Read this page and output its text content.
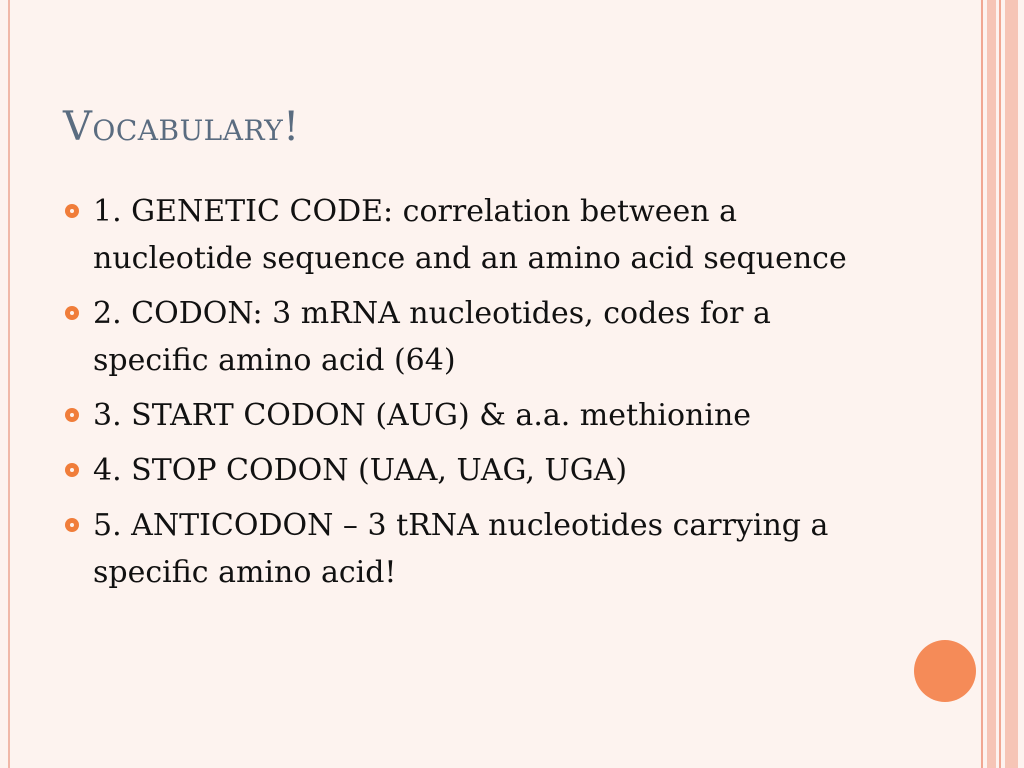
Vocabulary!
1. GENETIC CODE: correlation between a nucleotide sequence and an amino acid sequence
2. CODON: 3 mRNA nucleotides, codes for a specific amino acid (64)
3. START CODON (AUG) & a.a. methionine
4. STOP CODON (UAA, UAG, UGA)
5. ANTICODON – 3 tRNA nucleotides carrying a specific amino acid!
